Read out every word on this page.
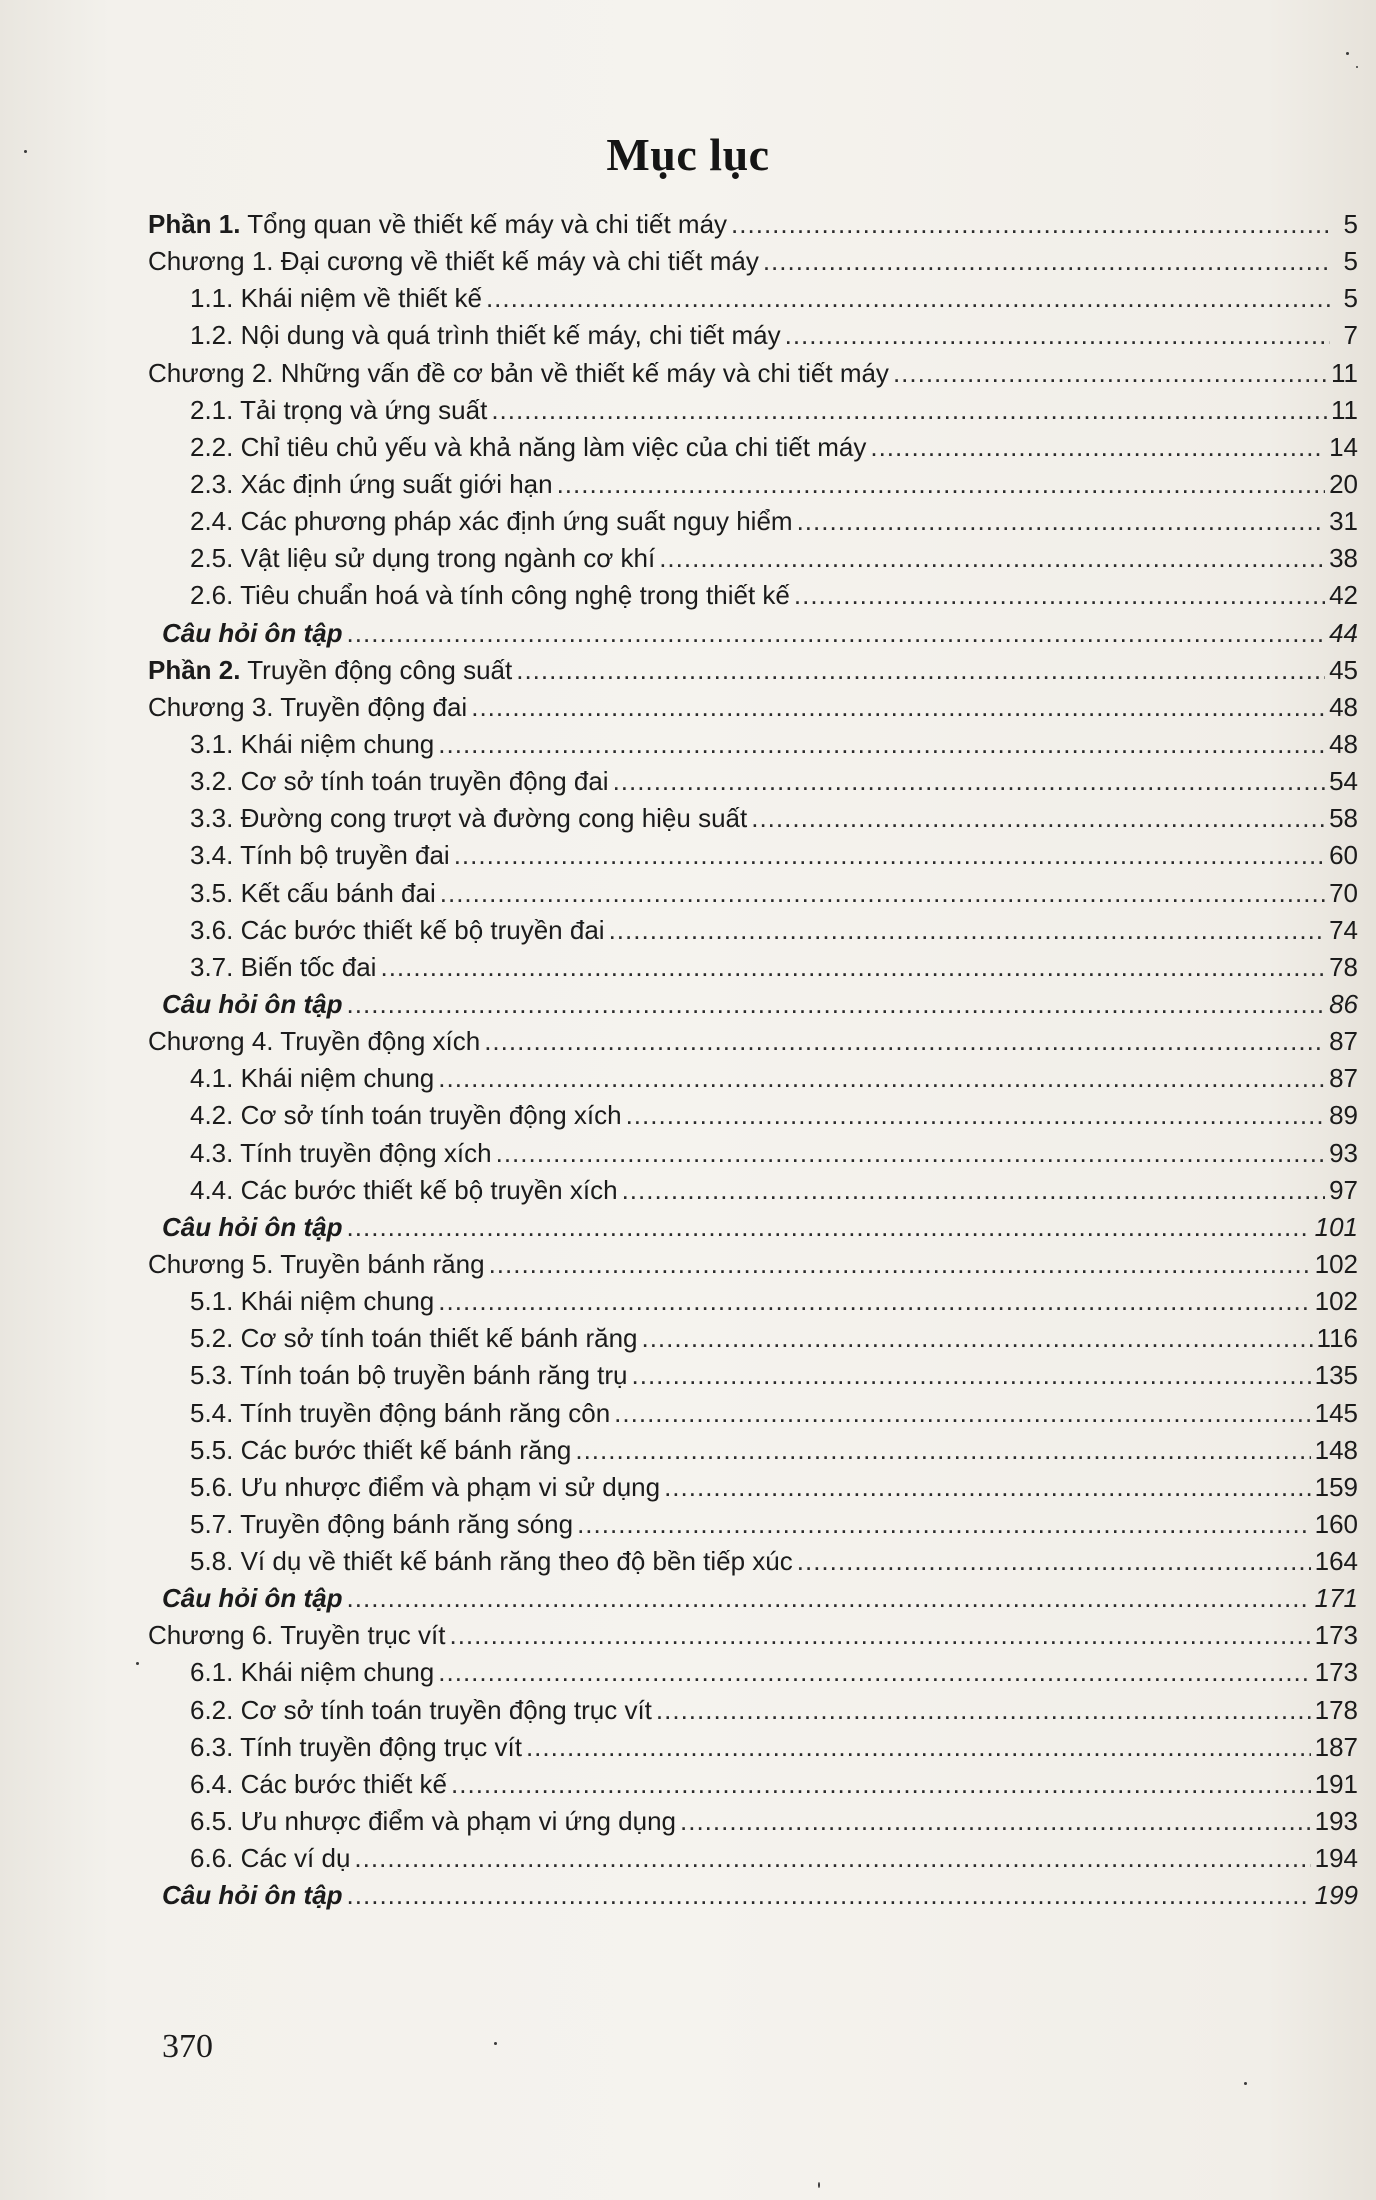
Mục lục
Phần 1. Tổng quan về thiết kế máy và chi tiết máy .....	5
Chương 1. Đại cương về thiết kế máy và chi tiết máy .....	5
1.1. Khái niệm về thiết kế .....	5
1.2. Nội dung và quá trình thiết kế máy, chi tiết máy .....	7
Chương 2. Những vấn đề cơ bản về thiết kế máy và chi tiết máy .....	11
2.1. Tải trọng và ứng suất .....	11
2.2. Chỉ tiêu chủ yếu và khả năng làm việc của chi tiết máy .....	14
2.3. Xác định ứng suất giới hạn .....	20
2.4. Các phương pháp xác định ứng suất nguy hiểm .....	31
2.5. Vật liệu sử dụng trong ngành cơ khí .....	38
2.6. Tiêu chuẩn hoá và tính công nghệ trong thiết kế .....	42
Câu hỏi ôn tập .....	44
Phần 2. Truyền động công suất .....	45
Chương 3. Truyền động đai .....	48
3.1. Khái niệm chung .....	48
3.2. Cơ sở tính toán truyền động đai .....	54
3.3. Đường cong trượt và đường cong hiệu suất .....	58
3.4. Tính bộ truyền đai .....	60
3.5. Kết cấu bánh đai .....	70
3.6. Các bước thiết kế bộ truyền đai .....	74
3.7. Biến tốc đai .....	78
Câu hỏi ôn tập .....	86
Chương 4. Truyền động xích .....	87
4.1. Khái niệm chung .....	87
4.2. Cơ sở tính toán truyền động xích .....	89
4.3. Tính truyền động xích .....	93
4.4. Các bước thiết kế bộ truyền xích .....	97
Câu hỏi ôn tập .....	101
Chương 5. Truyền bánh răng .....	102
5.1. Khái niệm chung .....	102
5.2. Cơ sở tính toán thiết kế bánh răng .....	116
5.3. Tính toán bộ truyền bánh răng trụ .....	135
5.4. Tính truyền động bánh răng côn .....	145
5.5. Các bước thiết kế bánh răng .....	148
5.6. Ưu nhược điểm và phạm vi sử dụng .....	159
5.7. Truyền động bánh răng sóng .....	160
5.8. Ví dụ về thiết kế bánh răng theo độ bền tiếp xúc .....	164
Câu hỏi ôn tập .....	171
Chương 6. Truyền trục vít .....	173
6.1. Khái niệm chung .....	173
6.2. Cơ sở tính toán truyền động trục vít .....	178
6.3. Tính truyền động trục vít .....	187
6.4. Các bước thiết kế .....	191
6.5. Ưu nhược điểm và phạm vi ứng dụng .....	193
6.6. Các ví dụ .....	194
Câu hỏi ôn tập .....	199
370
